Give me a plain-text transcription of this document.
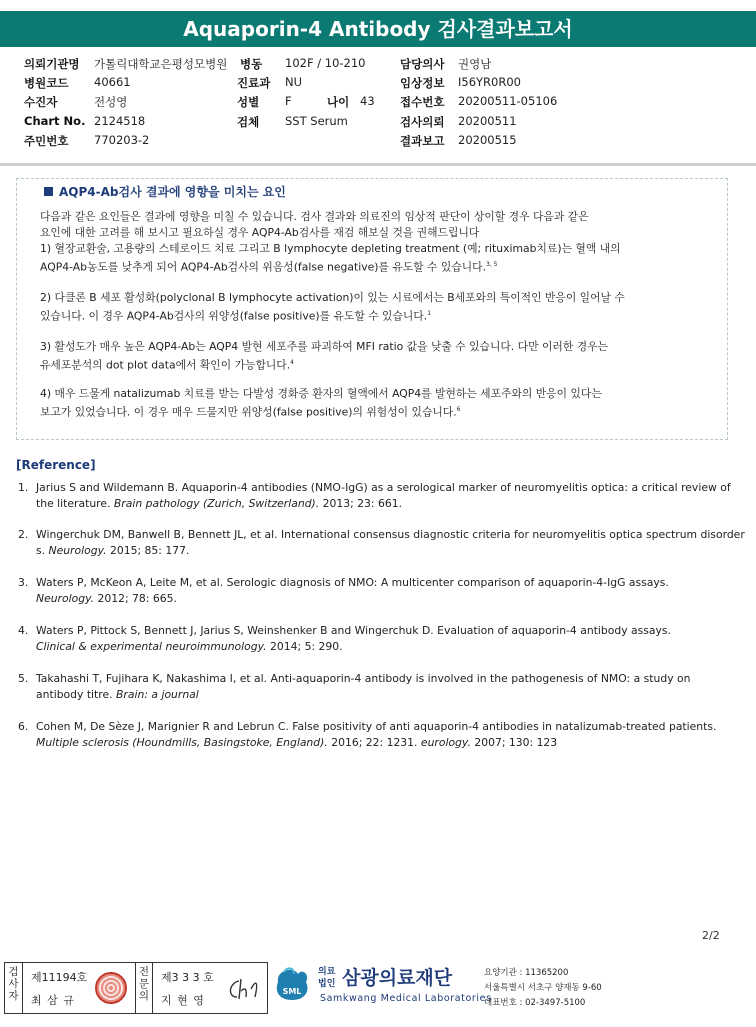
Aquaporin-4 Antibody 검사결과보고서
의뢰기관명 가톨릭대학교은평성모병원 병동 102F / 10-210	담당의사 권영남
병원코드 40661	진료과 NU	임상정보 I56YR0R00
수진자	전성영	성별 F	나이 43 접수번호 20200511-05106
Chart No. 2124518	검체 SST Serum	검사의뢰 20200511
주민번호 770203-2	결과보고 20200515
AQP4-Ab검사 결과에 영향을 미치는 요인

다음과 같은 요인들은 결과에 영향을 미칠 수 있습니다. 검사 결과와 의료진의 임상적 판단이 상이할 경우 다음과 같은

요인에 대한 고려를 해 보시고 필요하실 경우 AQP4-Ab검사를 재검 해보실 것을 권해드립니다

1) 혈장교환술, 고용량의 스테로이드 치료 그리고 B lymphocyte depleting treatment (예; rituximab치료)는 혈액 내의

AQP4-Ab농도를 낮추게 되어 AQP4-Ab검사의 위음성(false negative)를 유도할 수 있습니다.$^{3, 5}$

2) 다클론 B 세포 활성화(polyclonal B lymphocyte activation)이 있는 시료에서는 B세포와의 특이적인 반응이 일어날 수

있습니다. 이 경우 AQP4-Ab검사의 위양성(false positive)를 유도할 수 있습니다.$^1$

3) 활성도가 매우 높은 AQP4-Ab는 AQP4 발현 세포주를 파괴하여 MFI ratio 값을 낮출 수 있습니다. 다만 이러한 경우는

유세포분석의 dot plot data에서 확인이 가능합니다.$^4$

4) 매우 드물게 natalizumab 치료를 받는 다발성 경화증 환자의 혈액에서 AQP4를 발현하는 세포주와의 반응이 있다는

보고가 있었습니다. 이 경우 매우 드물지만 위양성(false positive)의 위험성이 있습니다.$^6$

[Reference]
1. Jarius S and Wildemann B. Aquaporin-4 antibodies (NMO-IgG) as a serological marker of neuromyelitis optica: a critical review of
the literature. Brain pathology (Zurich, Switzerland). 2013; 23: 661.
2. Wingerchuk DM, Banwell B, Bennett JL, et al. International consensus diagnostic criteria for neuromyelitis optica spectrum disorder
s. Neurology. 2015; 85: 177.
3. Waters P, McKeon A, Leite M, et al. Serologic diagnosis of NMO: A multicenter comparison of aquaporin-4-IgG assays.
Neurology. 2012; 78: 665.
4. Waters P, Pittock S, Bennett J, Jarius S, Weinshenker B and Wingerchuk D. Evaluation of aquaporin-4 antibody assays.
Clinical & experimental neuroimmunology. 2014; 5: 290.
5. Takahashi T, Fujihara K, Nakashima I, et al. Anti-aquaporin-4 antibody is involved in the pathogenesis of NMO: a study on
antibody titre. Brain: a journal
6. Cohen M, De Sèze J, Marignier R and Lebrun C. False positivity of anti aquaporin-4 antibodies in natalizumab-treated patients.
Multiple sclerosis (Houndmills, Basingstoke, England). 2016; 22: 1231. eurology. 2007; 130: 123
2/2
검사자
제11194호
최 삼 규
전문의
제3 3 3 호
지 현 영
SML
의료법인 삼광의료재단
Samkwang Medical Laboratories
요양기관 : 11365200
서울특별시 서초구 양재동 9-60
대표번호 : 02-3497-5100
